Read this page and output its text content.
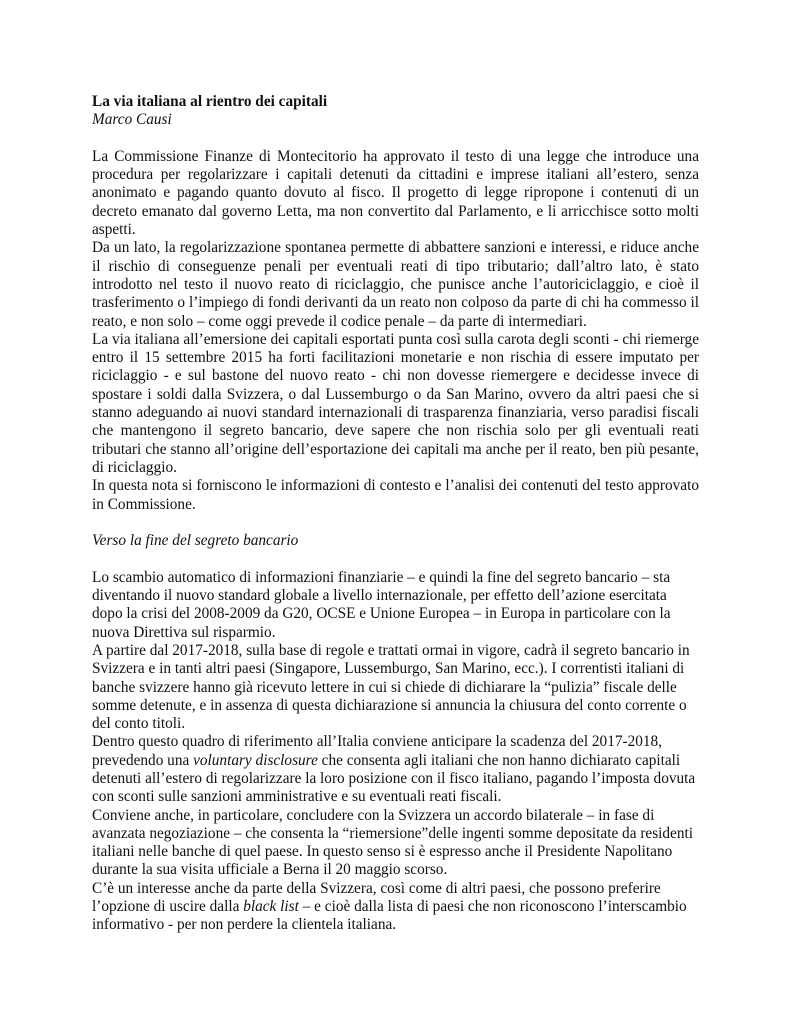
La via italiana al rientro dei capitali

Marco Causi

La Commissione Finanze di Montecitorio ha approvato il testo di una legge che introduce una procedura per regolarizzare i capitali detenuti da cittadini e imprese italiani all’estero, senza anonimato e pagando quanto dovuto al fisco. Il progetto di legge ripropone i contenuti di un decreto emanato dal governo Letta, ma non convertito dal Parlamento, e li arricchisce sotto molti aspetti.

Da un lato, la regolarizzazione spontanea permette di abbattere sanzioni e interessi, e riduce anche il rischio di conseguenze penali per eventuali reati di tipo tributario; dall’altro lato, è stato introdotto nel testo il nuovo reato di riciclaggio, che punisce anche l’autoriciclaggio, e cioè il trasferimento o l’impiego di fondi derivanti da un reato non colposo da parte di chi ha commesso il reato, e non solo – come oggi prevede il codice penale – da parte di intermediari.

La via italiana all’emersione dei capitali esportati punta così sulla carota degli sconti - chi riemerge entro il 15 settembre 2015 ha forti facilitazioni monetarie e non rischia di essere imputato per riciclaggio - e sul bastone del nuovo reato - chi non dovesse riemergere e decidesse invece di spostare i soldi dalla Svizzera, o dal Lussemburgo o da San Marino, ovvero da altri paesi che si stanno adeguando ai nuovi standard internazionali di trasparenza finanziaria, verso paradisi fiscali che mantengono il segreto bancario, deve sapere che non rischia solo per gli eventuali reati tributari che stanno all’origine dell’esportazione dei capitali ma anche per il reato, ben più pesante, di riciclaggio.

In questa nota si forniscono le informazioni di contesto e l’analisi dei contenuti del testo approvato in Commissione.

Verso la fine del segreto bancario

Lo scambio automatico di informazioni finanziarie – e quindi la fine del segreto bancario – sta diventando il nuovo standard globale a livello internazionale, per effetto dell’azione esercitata dopo la crisi del 2008-2009 da G20, OCSE e Unione Europea – in Europa in particolare con la nuova Direttiva sul risparmio.

A partire dal 2017-2018, sulla base di regole e trattati ormai in vigore, cadrà il segreto bancario in Svizzera e in tanti altri paesi (Singapore, Lussemburgo, San Marino, ecc.). I correntisti italiani di banche svizzere hanno già ricevuto lettere in cui si chiede di dichiarare la “pulizia” fiscale delle somme detenute, e in assenza di questa dichiarazione si annuncia la chiusura del conto corrente o del conto titoli.

Dentro questo quadro di riferimento all’Italia conviene anticipare la scadenza del 2017-2018, prevedendo una voluntary disclosure che consenta agli italiani che non hanno dichiarato capitali detenuti all’estero di regolarizzare la loro posizione con il fisco italiano, pagando l’imposta dovuta con sconti sulle sanzioni amministrative e su eventuali reati fiscali.

Conviene anche, in particolare, concludere con la Svizzera un accordo bilaterale – in fase di avanzata negoziazione – che consenta la “riemersione”delle ingenti somme depositate da residenti italiani nelle banche di quel paese. In questo senso si è espresso anche il Presidente Napolitano durante la sua visita ufficiale a Berna il 20 maggio scorso.

C’è un interesse anche da parte della Svizzera, così come di altri paesi, che possono preferire l’opzione di uscire dalla black list – e cioè dalla lista di paesi che non riconoscono l’interscambio informativo - per non perdere la clientela italiana.
